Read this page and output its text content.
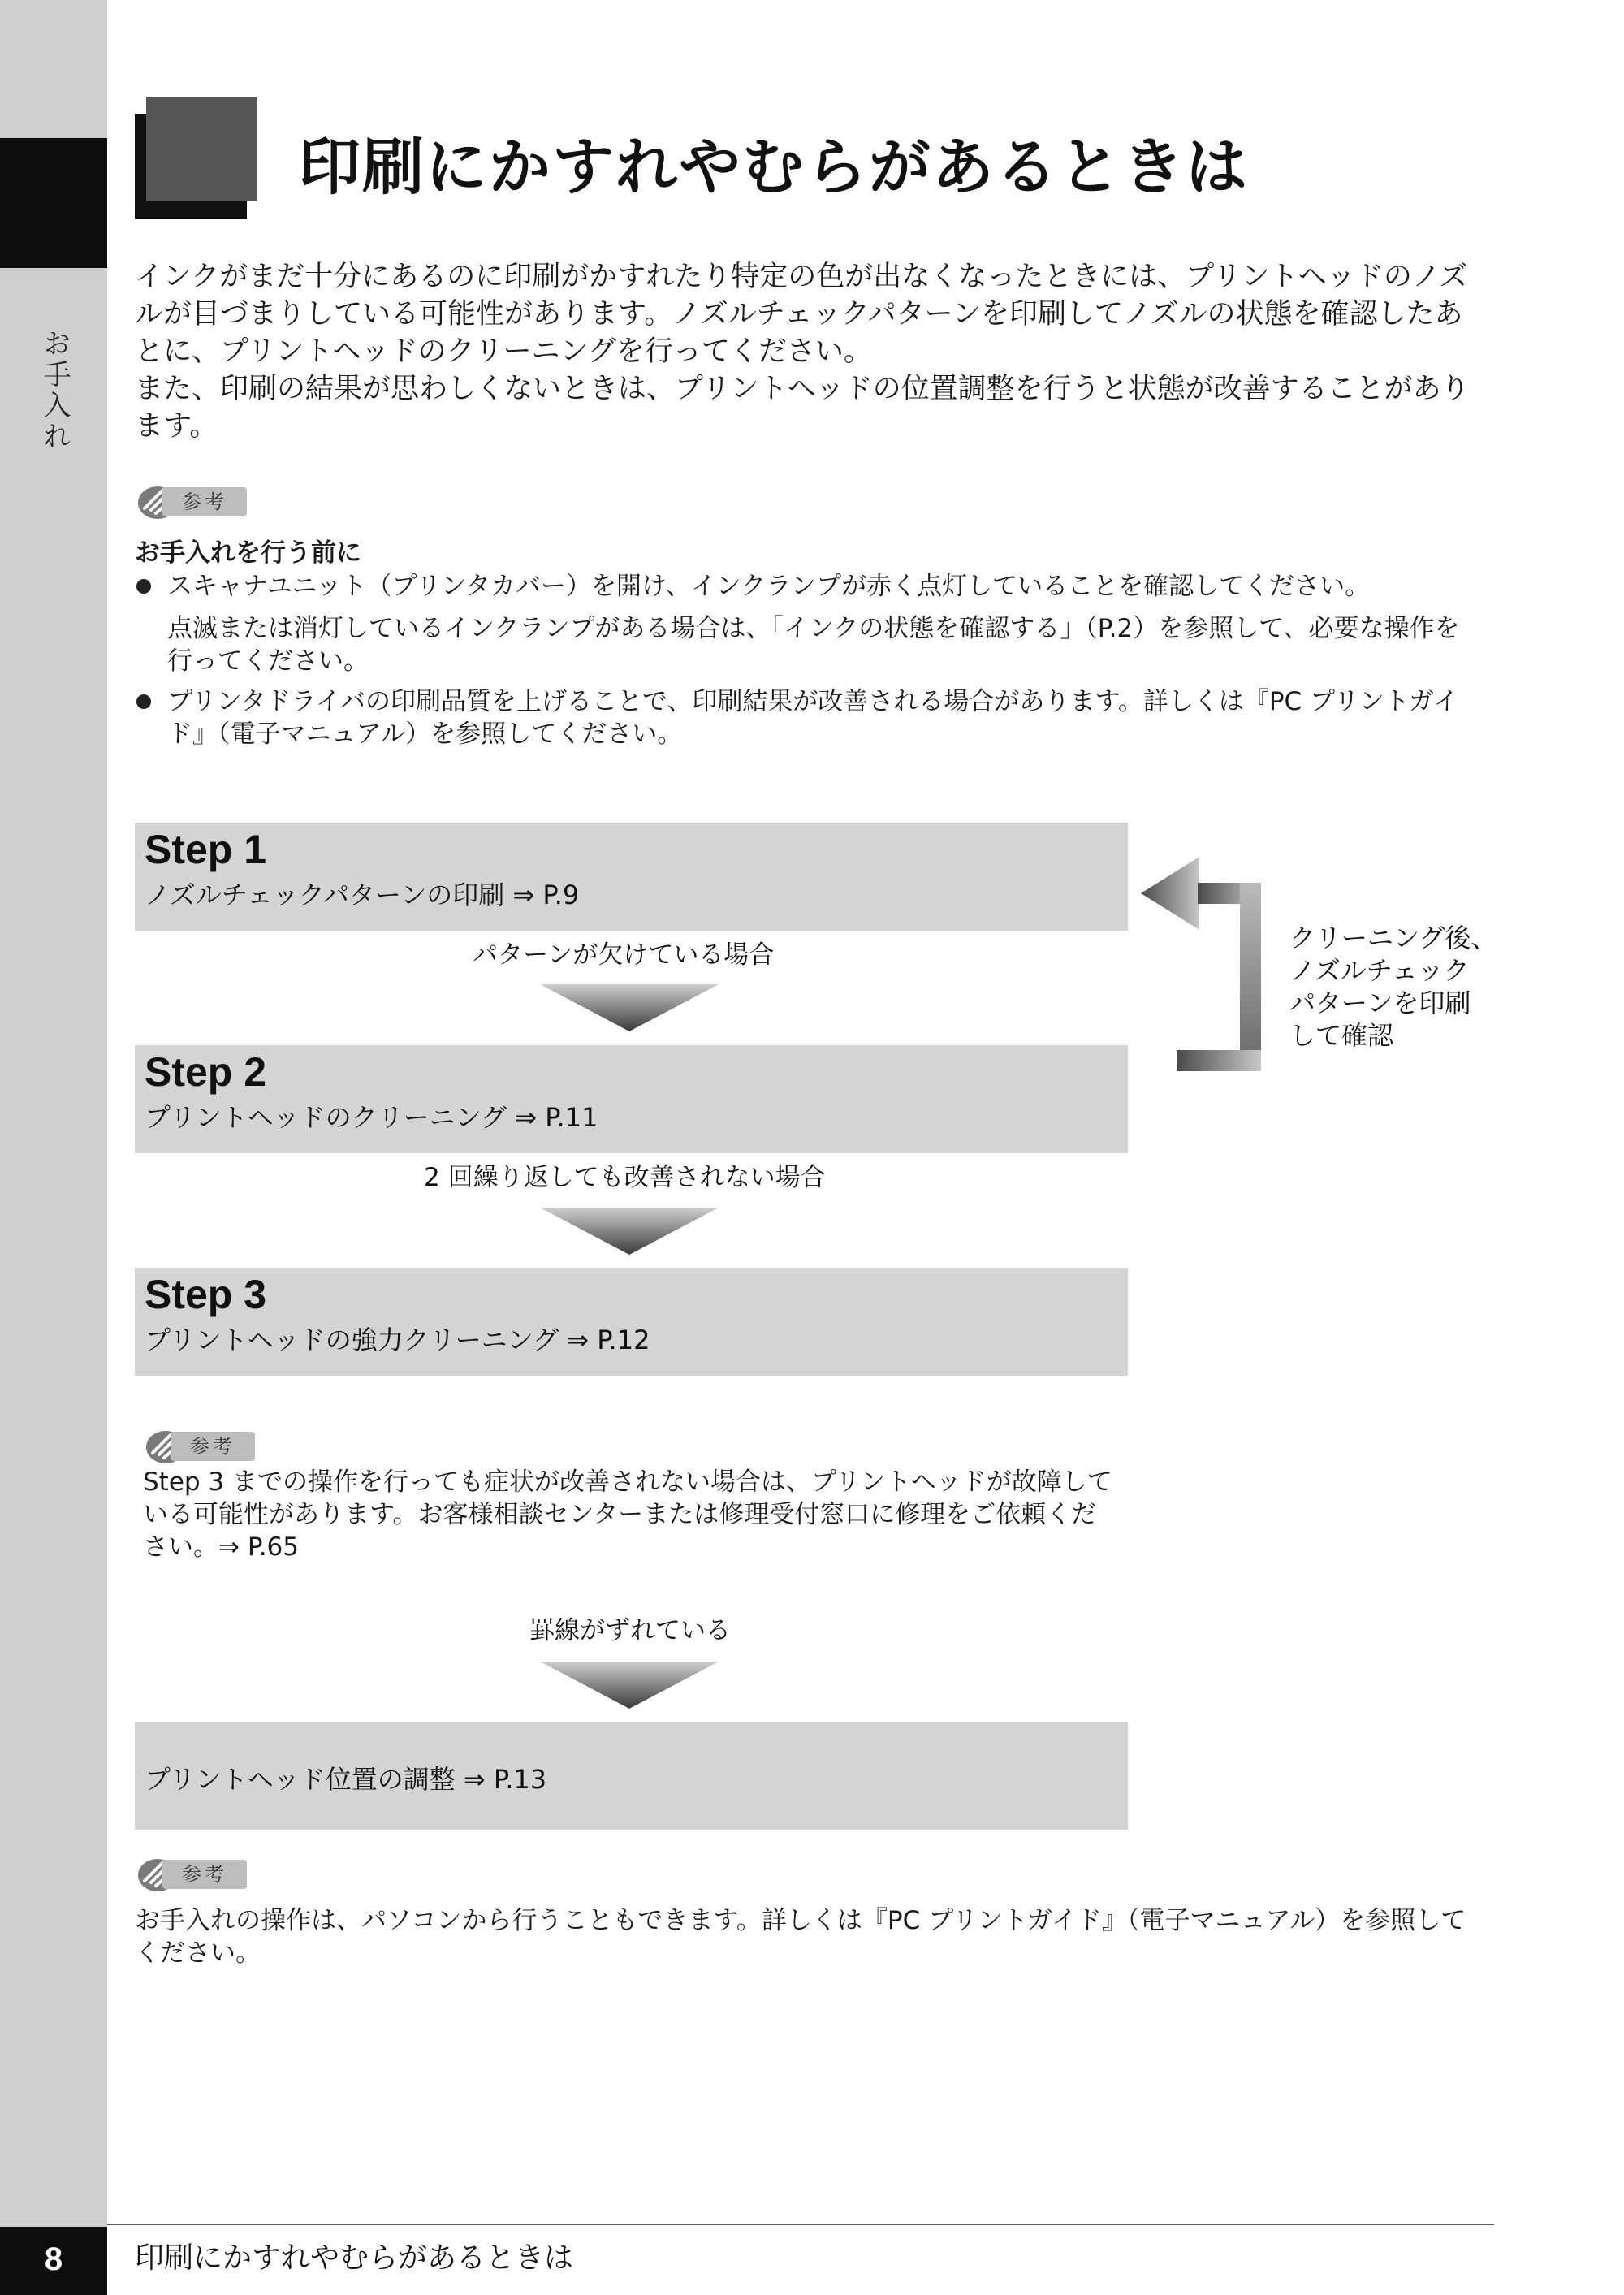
お手入れ
印刷にかすれやむらがあるときは

インクがまだ十分にあるのに印刷がかすれたり特定の色が出なくなったときには、プリントヘッドのノズルが目づまりしている可能性があります。ノズルチェックパターンを印刷してノズルの状態を確認したあとに、プリントヘッドのクリーニングを行ってください。

また、印刷の結果が思わしくないときは、プリントヘッドの位置調整を行うと状態が改善することがあります。

参考

お手入れを行う前に

スキャナユニット（プリンタカバー）を開け、インクランプが赤く点灯していることを確認してください。
点滅または消灯しているインクランプがある場合は、「インクの状態を確認する」（P.2）を参照して、必要な操作を行ってください。
プリンタドライバの印刷品質を上げることで、印刷結果が改善される場合があります。詳しくは『PC プリントガイド』（電子マニュアル）を参照してください。
Step 1
ノズルチェックパターンの印刷 ⇒ P.9
パターンが欠けている場合
Step 2
プリントヘッドのクリーニング ⇒ P.11
2 回繰り返しても改善されない場合
Step 3
プリントヘッドの強力クリーニング ⇒ P.12
クリーニング後、
ノズルチェック
パターンを印刷
して確認
参考

Step 3 までの操作を行っても症状が改善されない場合は、プリントヘッドが故障している可能性があります。お客様相談センターまたは修理受付窓口に修理をご依頼ください。⇒ P.65

罫線がずれている
プリントヘッド位置の調整 ⇒ P.13
参考

お手入れの操作は、パソコンから行うこともできます。詳しくは『PC プリントガイド』（電子マニュアル）を参照してください。

8	印刷にかすれやむらがあるときは
